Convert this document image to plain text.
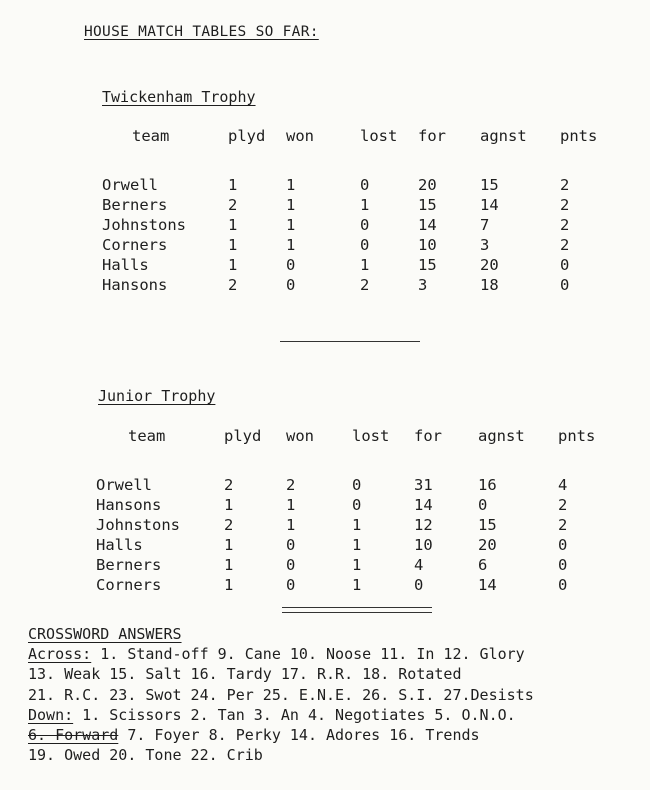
HOUSE MATCH TABLES SO FAR:
Twickenham Trophy
team	plyd	won	lost	for	agnst	pnts
Orwell	1	1	0	20	15	2
Berners	2	1	1	15	14	2
Johnstons	1	1	0	14	7	2
Corners	1	1	0	10	3	2
Halls	1	0	1	15	20	0
Hansons	2	0	2	3	18	0
Junior Trophy
team	plyd	won	lost	for	agnst	pnts
Orwell	2	2	0	31	16	4
Hansons	1	1	0	14	0	2
Johnstons	2	1	1	12	15	2
Halls	1	0	1	10	20	0
Berners	1	0	1	4	6	0
Corners	1	0	1	0	14	0
CROSSWORD ANSWERS
Across: 1. Stand-off 9. Cane 10. Noose 11. In 12. Glory
13. Weak 15. Salt 16. Tardy 17. R.R. 18. Rotated
21. R.C. 23. Swot 24. Per 25. E.N.E. 26. S.I. 27.Desists
Down: 1. Scissors 2. Tan 3. An 4. Negotiates 5. O.N.O.
6. Forward 7. Foyer 8. Perky 14. Adores 16. Trends
19. Owed 20. Tone 22. Crib
